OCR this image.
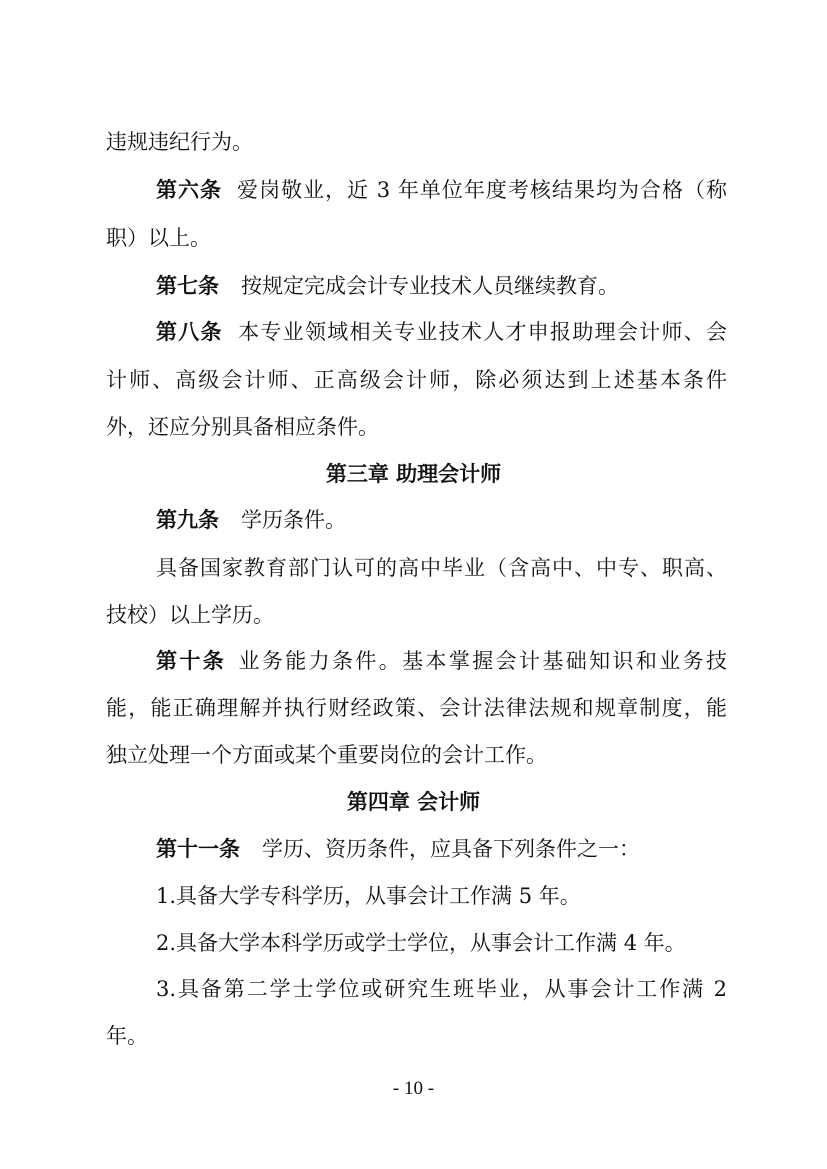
违规违纪行为。
第六条 爱岗敬业，近 3 年单位年度考核结果均为合格（称
职）以上。
第七条 按规定完成会计专业技术人员继续教育。
第八条 本专业领域相关专业技术人才申报助理会计师、会
计师、高级会计师、正高级会计师，除必须达到上述基本条件
外，还应分别具备相应条件。
第三章 助理会计师
第九条 学历条件。
具备国家教育部门认可的高中毕业（含高中、中专、职高、
技校）以上学历。
第十条 业务能力条件。基本掌握会计基础知识和业务技
能，能正确理解并执行财经政策、会计法律法规和规章制度，能
独立处理一个方面或某个重要岗位的会计工作。
第四章 会计师
第十一条 学历、资历条件，应具备下列条件之一：
1.具备大学专科学历，从事会计工作满 5 年。
2.具备大学本科学历或学士学位，从事会计工作满 4 年。
3.具备第二学士学位或研究生班毕业，从事会计工作满 2
年。
- 10 -
